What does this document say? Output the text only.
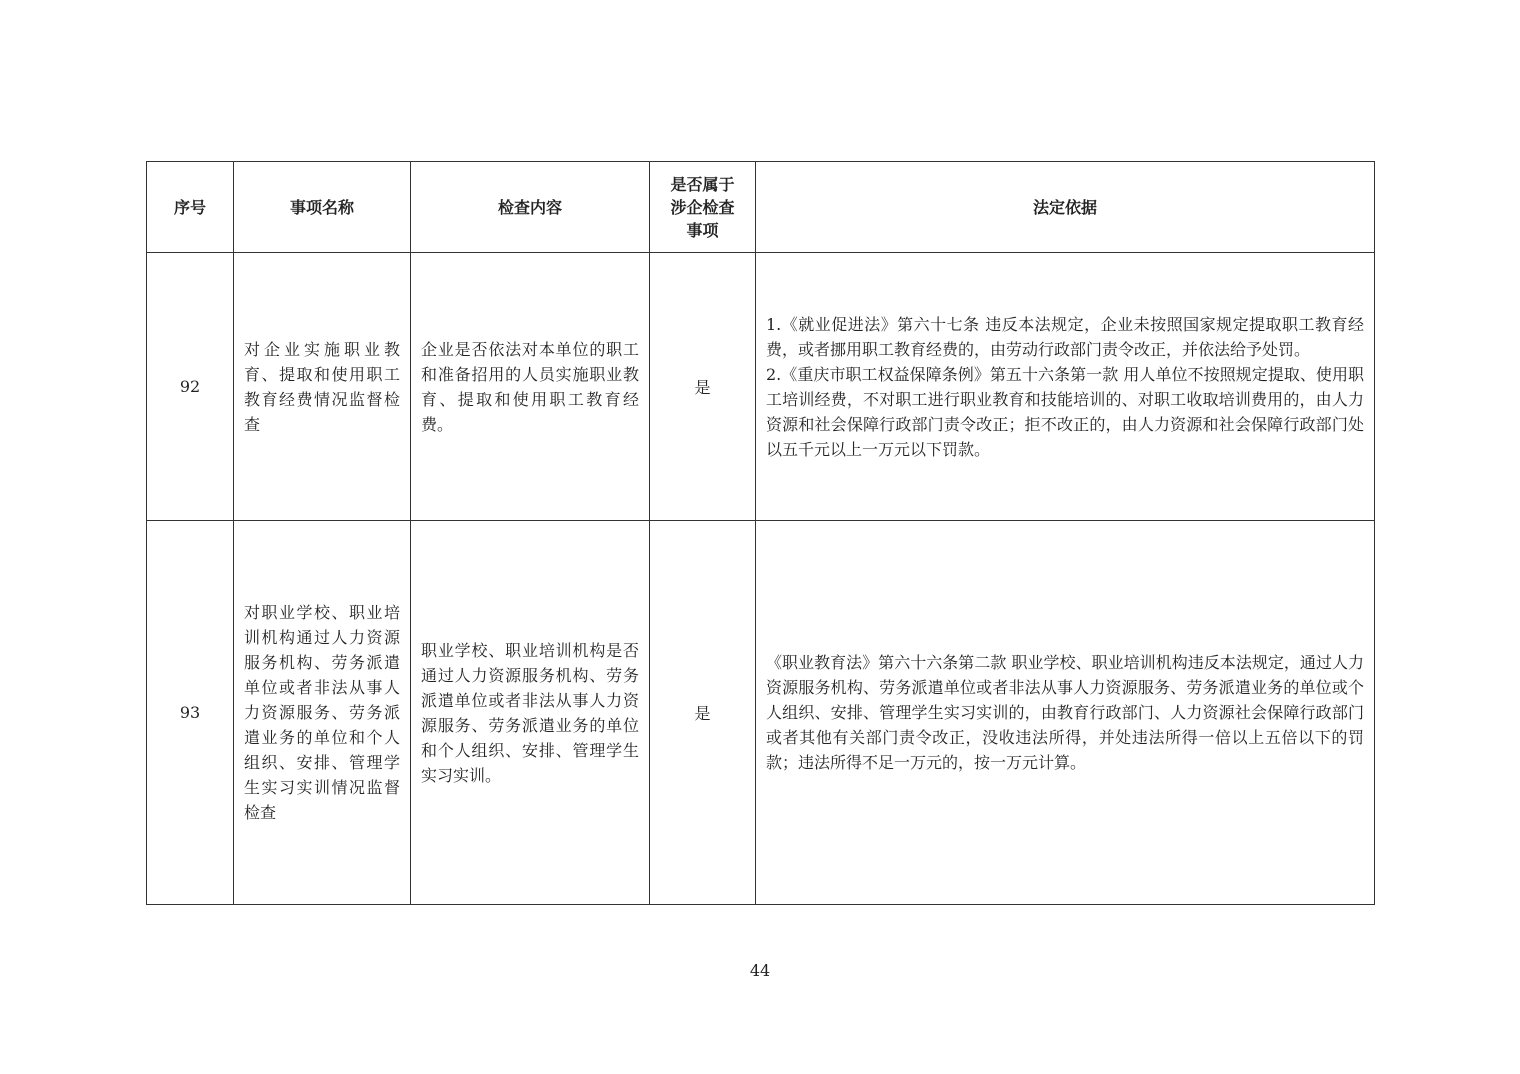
序号	事项名称	检查内容	是否属于
涉企检查
事项	法定依据
92	对企业实施职业教育、提取和使用职工教育经费情况监督检查	企业是否依法对本单位的职工和准备招用的人员实施职业教育、提取和使用职工教育经费。	是	1.《就业促进法》第六十七条 违反本法规定，企业未按照国家规定提取职工教育经费，或者挪用职工教育经费的，由劳动行政部门责令改正，并依法给予处罚。
2.《重庆市职工权益保障条例》第五十六条第一款 用人单位不按照规定提取、使用职工培训经费，不对职工进行职业教育和技能培训的、对职工收取培训费用的，由人力资源和社会保障行政部门责令改正；拒不改正的，由人力资源和社会保障行政部门处以五千元以上一万元以下罚款。

93	对职业学校、职业培训机构通过人力资源服务机构、劳务派遣单位或者非法从事人力资源服务、劳务派遣业务的单位和个人组织、安排、管理学生实习实训情况监督检查	职业学校、职业培训机构是否通过人力资源服务机构、劳务派遣单位或者非法从事人力资源服务、劳务派遣业务的单位和个人组织、安排、管理学生实习实训。	是	《职业教育法》第六十六条第二款 职业学校、职业培训机构违反本法规定，通过人力资源服务机构、劳务派遣单位或者非法从事人力资源服务、劳务派遣业务的单位或个人组织、安排、管理学生实习实训的，由教育行政部门、人力资源社会保障行政部门或者其他有关部门责令改正，没收违法所得，并处违法所得一倍以上五倍以下的罚款；违法所得不足一万元的，按一万元计算。
44
